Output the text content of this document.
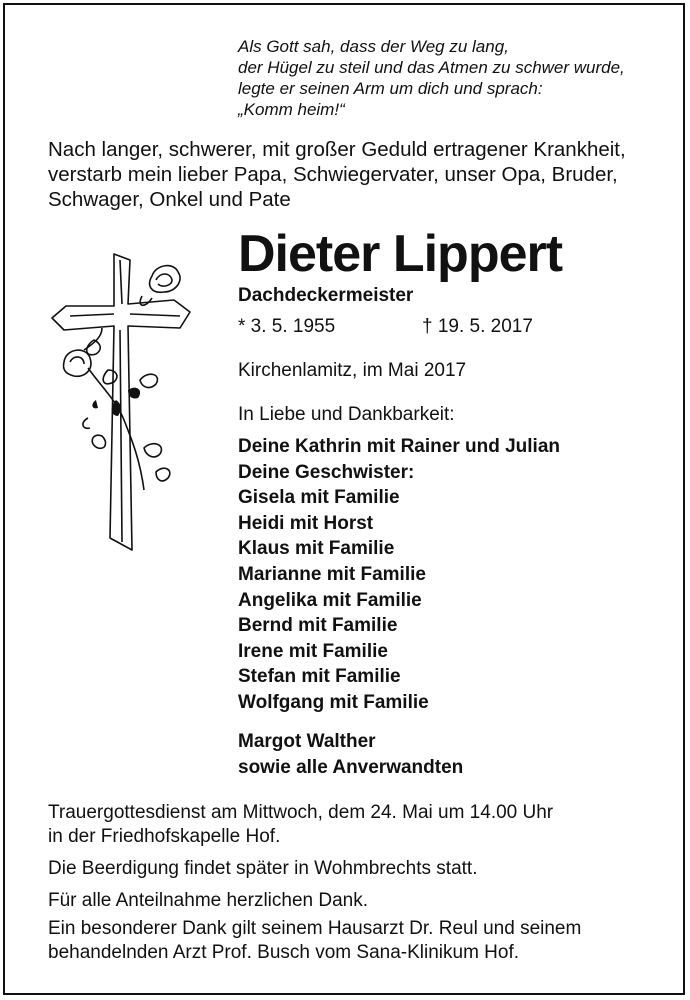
Als Gott sah, dass der Weg zu lang,
der Hügel zu steil und das Atmen zu schwer wurde,
legte er seinen Arm um dich und sprach:
„Komm heim!“
Nach langer, schwerer, mit großer Geduld ertragener Krankheit,
verstarb mein lieber Papa, Schwiegervater, unser Opa, Bruder,
Schwager, Onkel und Pate
Dieter Lippert
Dachdeckermeister
* 3. 5. 1955	† 19. 5. 2017
Kirchenlamitz, im Mai 2017
In Liebe und Dankbarkeit:
Deine Kathrin mit Rainer und Julian
Deine Geschwister:
Gisela mit Familie
Heidi mit Horst
Klaus mit Familie
Marianne mit Familie
Angelika mit Familie
Bernd mit Familie
Irene mit Familie
Stefan mit Familie
Wolfgang mit Familie
Margot Walther
sowie alle Anverwandten
Trauergottesdienst am Mittwoch, dem 24. Mai um 14.00 Uhr
in der Friedhofskapelle Hof.
Die Beerdigung findet später in Wohmbrechts statt.
Für alle Anteilnahme herzlichen Dank.
Ein besonderer Dank gilt seinem Hausarzt Dr. Reul und seinem
behandelnden Arzt Prof. Busch vom Sana-Klinikum Hof.
